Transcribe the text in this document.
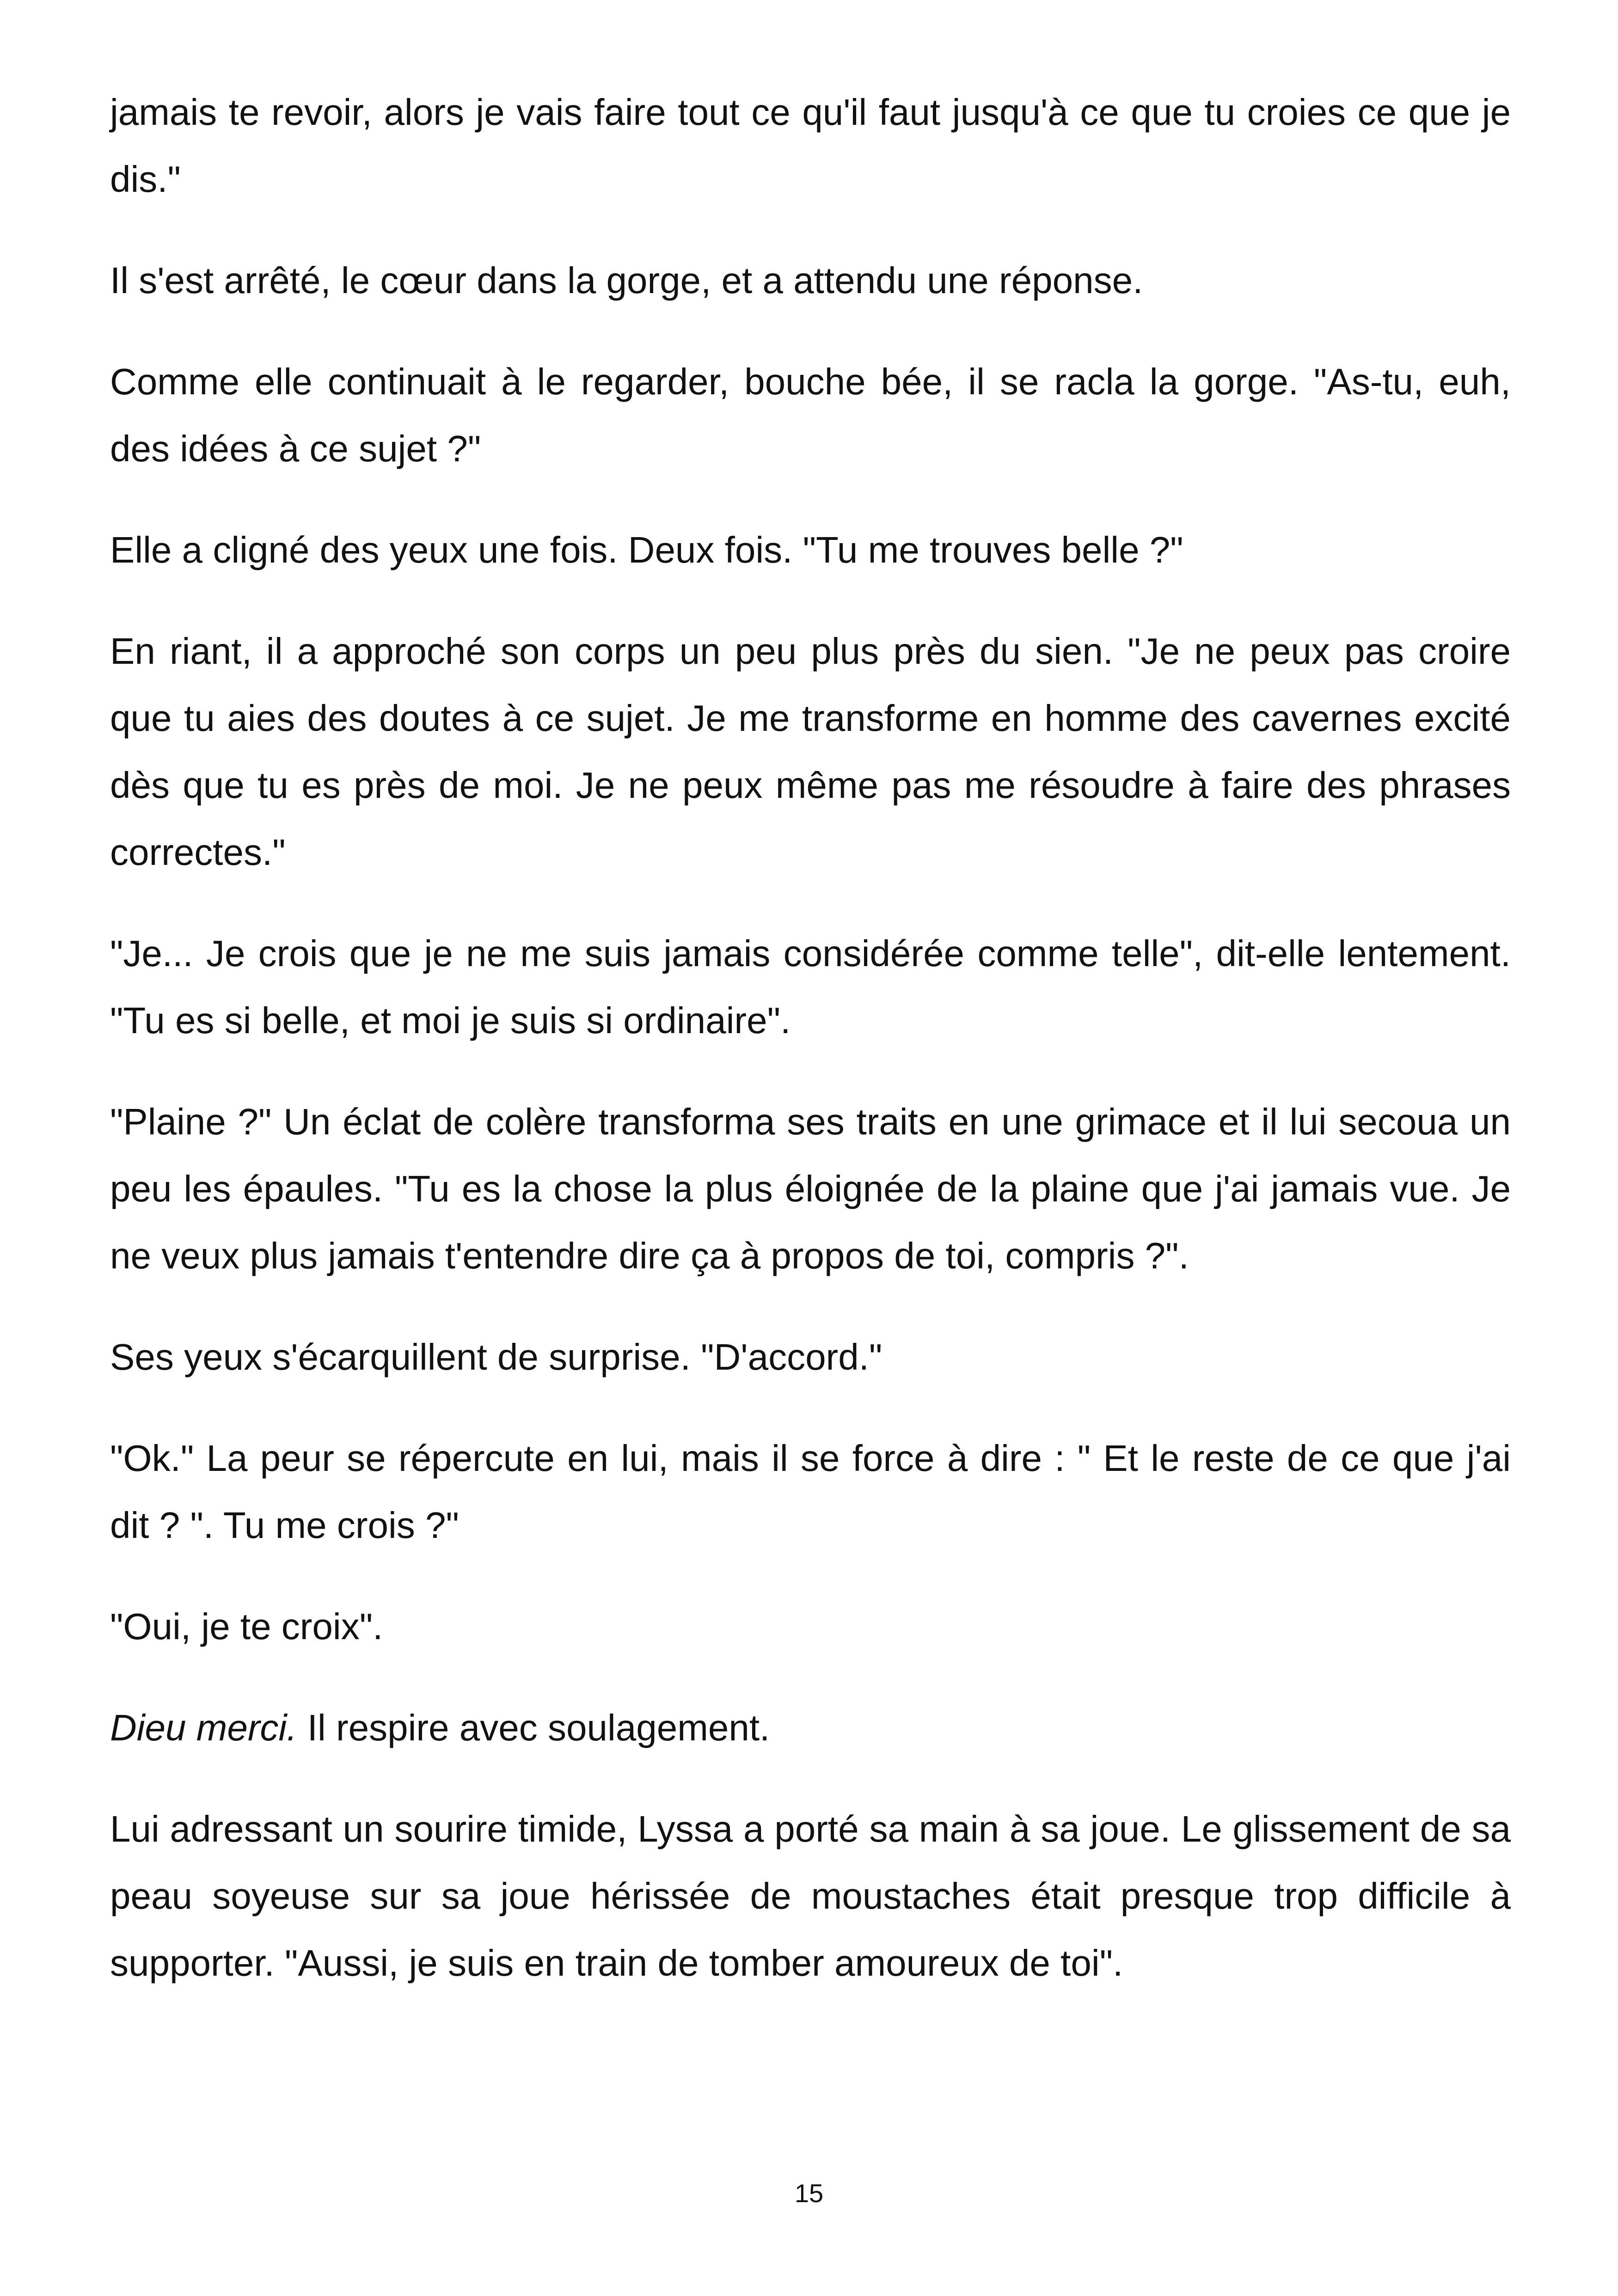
jamais te revoir, alors je vais faire tout ce qu'il faut jusqu'à ce que tu croies ce que je dis."

Il s'est arrêté, le cœur dans la gorge, et a attendu une réponse.

Comme elle continuait à le regarder, bouche bée, il se racla la gorge. "As-tu, euh, des idées à ce sujet ?"

Elle a cligné des yeux une fois. Deux fois. "Tu me trouves belle ?"

En riant, il a approché son corps un peu plus près du sien. "Je ne peux pas croire que tu aies des doutes à ce sujet. Je me transforme en homme des cavernes excité dès que tu es près de moi. Je ne peux même pas me résoudre à faire des phrases correctes."

"Je... Je crois que je ne me suis jamais considérée comme telle", dit-elle lentement. "Tu es si belle, et moi je suis si ordinaire".

"Plaine ?" Un éclat de colère transforma ses traits en une grimace et il lui secoua un peu les épaules. "Tu es la chose la plus éloignée de la plaine que j'ai jamais vue. Je ne veux plus jamais t'entendre dire ça à propos de toi, compris ?".

Ses yeux s'écarquillent de surprise. "D'accord."

"Ok." La peur se répercute en lui, mais il se force à dire : " Et le reste de ce que j'ai dit ? ". Tu me crois ?"

"Oui, je te croix".

Dieu merci. Il respire avec soulagement.

Lui adressant un sourire timide, Lyssa a porté sa main à sa joue. Le glissement de sa peau soyeuse sur sa joue hérissée de moustaches était presque trop difficile à supporter. "Aussi, je suis en train de tomber amoureux de toi".

15
